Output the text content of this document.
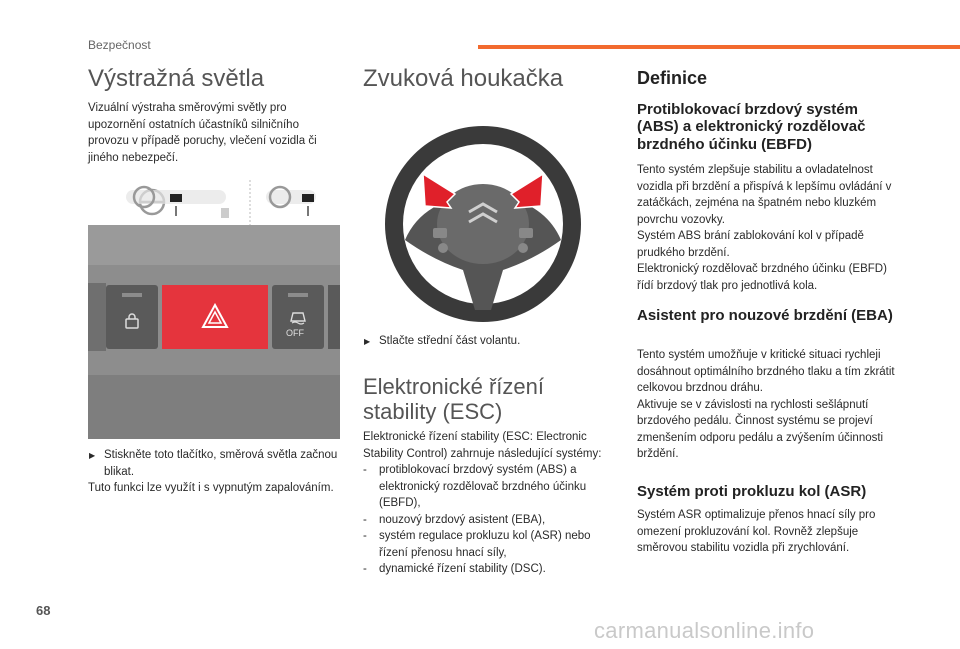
Bezpečnost
Výstražná světla

Vizuální výstraha směrovými světly pro upozornění ostatních účastníků silničního provozu v případě poruchy, vlečení vozidla či jiného nebezpečí.

OFF
▶ Stiskněte toto tlačítko, směrová světla začnou blikat.

Tuto funkci lze využít i s vypnutým zapalováním.

Zvuková houkačka
▶ Stlačte střední část volantu.
Elektronické řízení stability (ESC)

Elektronické řízení stability (ESC: Electronic Stability Control) zahrnuje následující systémy:

- protiblokovací brzdový systém (ABS) a elektronický rozdělovač brzdného účinku (EBFD),
- nouzový brzdový asistent (EBA),
- systém regulace prokluzu kol (ASR) nebo řízení přenosu hnací síly,
- dynamické řízení stability (DSC).
Definice
Protiblokovací brzdový systém (ABS) a elektronický rozdělovač brzdného účinku (EBFD)

Tento systém zlepšuje stabilitu a ovladatelnost vozidla při brzdění a přispívá k lepšímu ovládání v zatáčkách, zejména na špatném nebo kluzkém povrchu vozovky.
Systém ABS brání zablokování kol v případě prudkého brzdění.
Elektronický rozdělovač brzdného účinku (EBFD) řídí brzdový tlak pro jednotlivá kola.

Asistent pro nouzové brzdění (EBA)

Tento systém umožňuje v kritické situaci rychleji dosáhnout optimálního brzdného tlaku a tím zkrátit celkovou brzdnou dráhu.
Aktivuje se v závislosti na rychlosti sešlápnutí brzdového pedálu. Činnost systému se projeví zmenšením odporu pedálu a zvýšením účinnosti brždění.

Systém proti prokluzu kol (ASR)

Systém ASR optimalizuje přenos hnací síly pro omezení prokluzování kol. Rovněž zlepšuje směrovou stabilitu vozidla při zrychlování.

68
carmanualsonline.info
